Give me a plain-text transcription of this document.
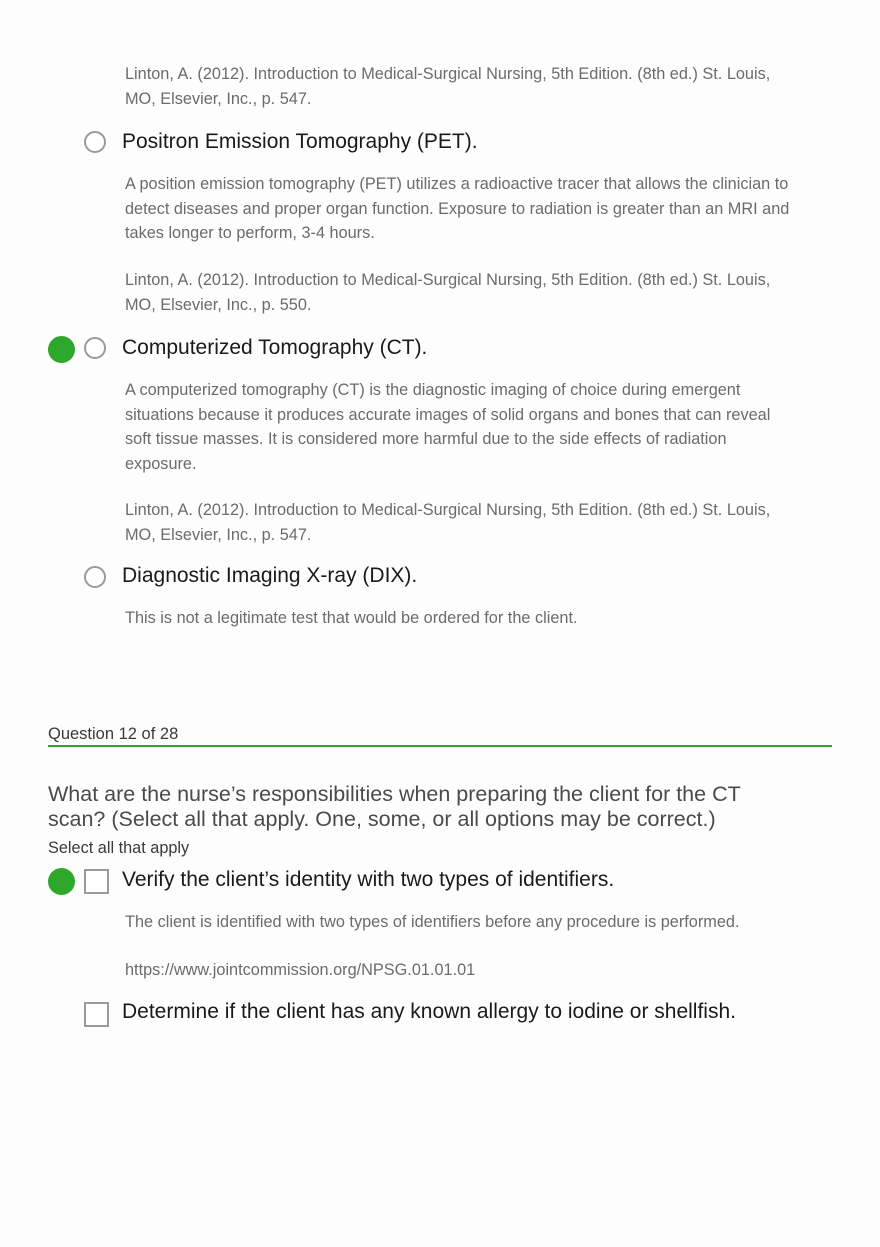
Linton, A. (2012). Introduction to Medical-Surgical Nursing, 5th Edition. (8th ed.) St. Louis,

MO, Elsevier, Inc., p. 547.

Positron Emission Tomography (PET).

A position emission tomography (PET) utilizes a radioactive tracer that allows the clinician to

detect diseases and proper organ function. Exposure to radiation is greater than an MRI and

takes longer to perform, 3-4 hours.

Linton, A. (2012). Introduction to Medical-Surgical Nursing, 5th Edition. (8th ed.) St. Louis,

MO, Elsevier, Inc., p. 550.

Computerized Tomography (CT).

A computerized tomography (CT) is the diagnostic imaging of choice during emergent

situations because it produces accurate images of solid organs and bones that can reveal

soft tissue masses. It is considered more harmful due to the side effects of radiation

exposure.

Linton, A. (2012). Introduction to Medical-Surgical Nursing, 5th Edition. (8th ed.) St. Louis,

MO, Elsevier, Inc., p. 547.

Diagnostic Imaging X-ray (DIX).

This is not a legitimate test that would be ordered for the client.

Question 12 of 28
What are the nurse’s responsibilities when preparing the client for the CT
scan? (Select all that apply. One, some, or all options may be correct.)
Select all that apply
Verify the client’s identity with two types of identifiers.
The client is identified with two types of identifiers before any procedure is performed.
https://www.jointcommission.org/NPSG.01.01.01
Determine if the client has any known allergy to iodine or shellfish.
